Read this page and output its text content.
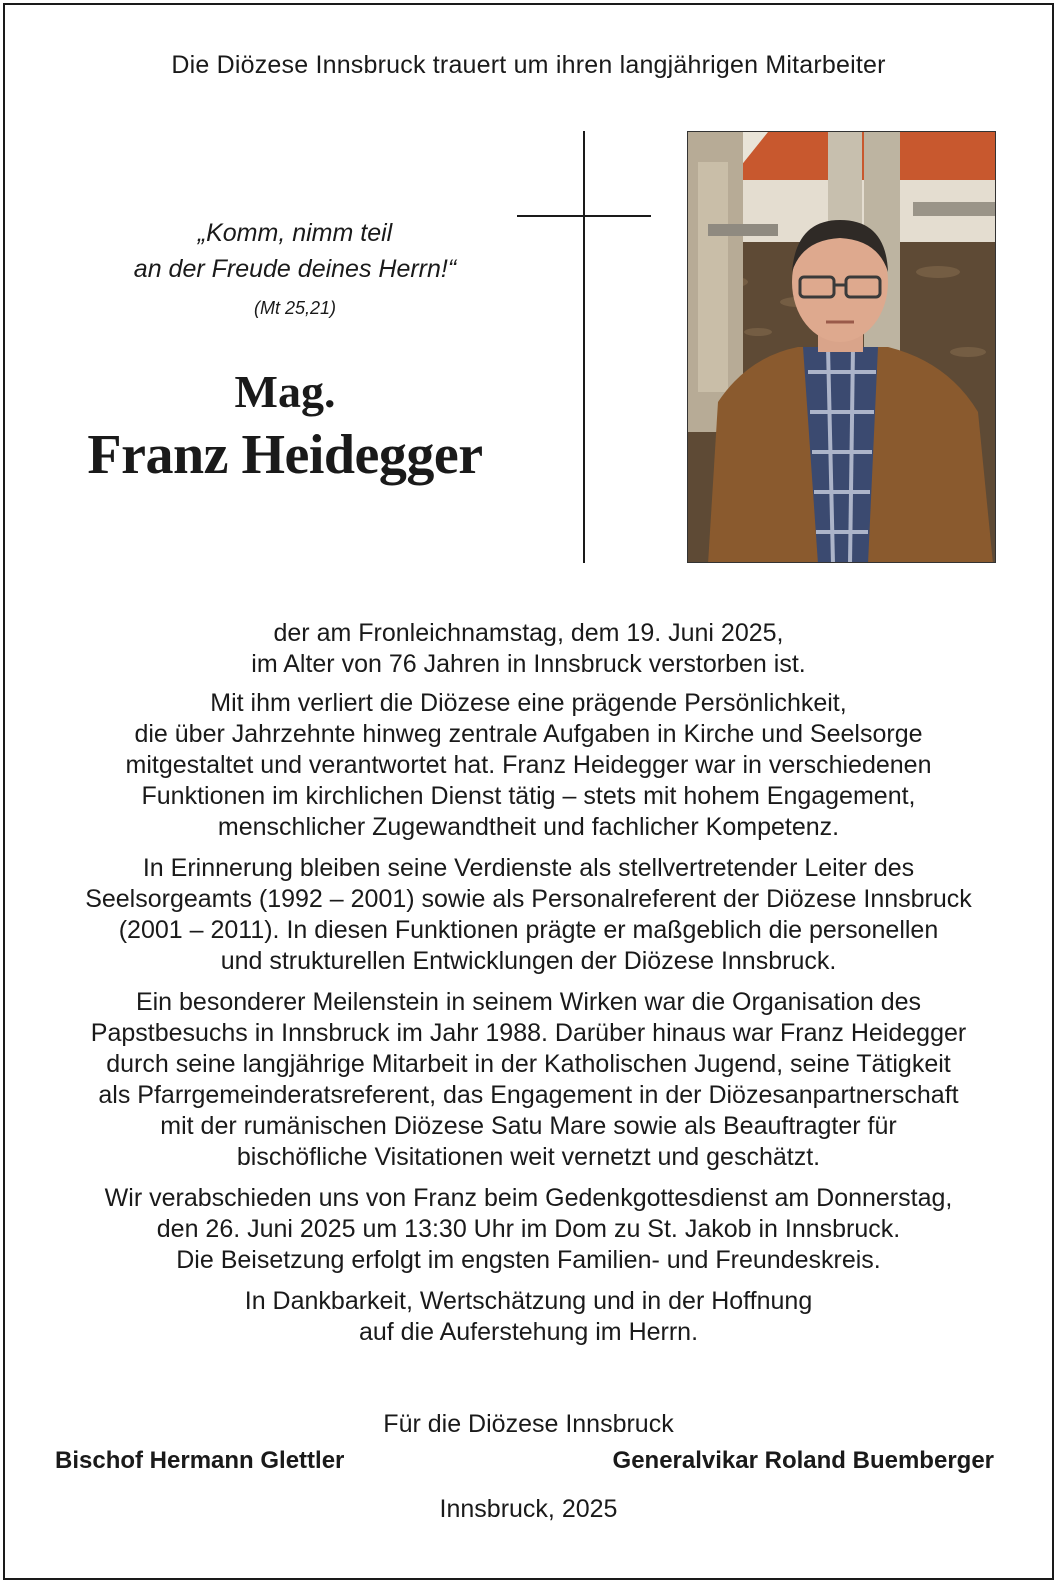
Die Diözese Innsbruck trauert um ihren langjährigen Mitarbeiter
„Komm, nimm teil
an der Freude deines Herrn!“
(Mt 25,21)
Mag.
Franz Heidegger

der am Fronleichnamstag, dem 19. Juni 2025,
im Alter von 76 Jahren in Innsbruck verstorben ist.

Mit ihm verliert die Diözese eine prägende Persönlichkeit,
die über Jahrzehnte hinweg zentrale Aufgaben in Kirche und Seelsorge
mitgestaltet und verantwortet hat. Franz Heidegger war in verschiedenen
Funktionen im kirchlichen Dienst tätig – stets mit hohem Engagement,
menschlicher Zugewandtheit und fachlicher Kompetenz.

In Erinnerung bleiben seine Verdienste als stellvertretender Leiter des
Seelsorgeamts (1992 – 2001) sowie als Personalreferent der Diözese Innsbruck
(2001 – 2011). In diesen Funktionen prägte er maßgeblich die personellen
und strukturellen Entwicklungen der Diözese Innsbruck.

Ein besonderer Meilenstein in seinem Wirken war die Organisation des
Papstbesuchs in Innsbruck im Jahr 1988. Darüber hinaus war Franz Heidegger
durch seine langjährige Mitarbeit in der Katholischen Jugend, seine Tätigkeit
als Pfarrgemeinderatsreferent, das Engagement in der Diözesanpartnerschaft
mit der rumänischen Diözese Satu Mare sowie als Beauftragter für
bischöfliche Visitationen weit vernetzt und geschätzt.

Wir verabschieden uns von Franz beim Gedenkgottesdienst am Donnerstag,
den 26. Juni 2025 um 13:30 Uhr im Dom zu St. Jakob in Innsbruck.
Die Beisetzung erfolgt im engsten Familien- und Freundeskreis.

In Dankbarkeit, Wertschätzung und in der Hoffnung
auf die Auferstehung im Herrn.

Für die Diözese Innsbruck
Bischof Hermann Glettler	Generalvikar Roland Buemberger
Innsbruck, 2025
